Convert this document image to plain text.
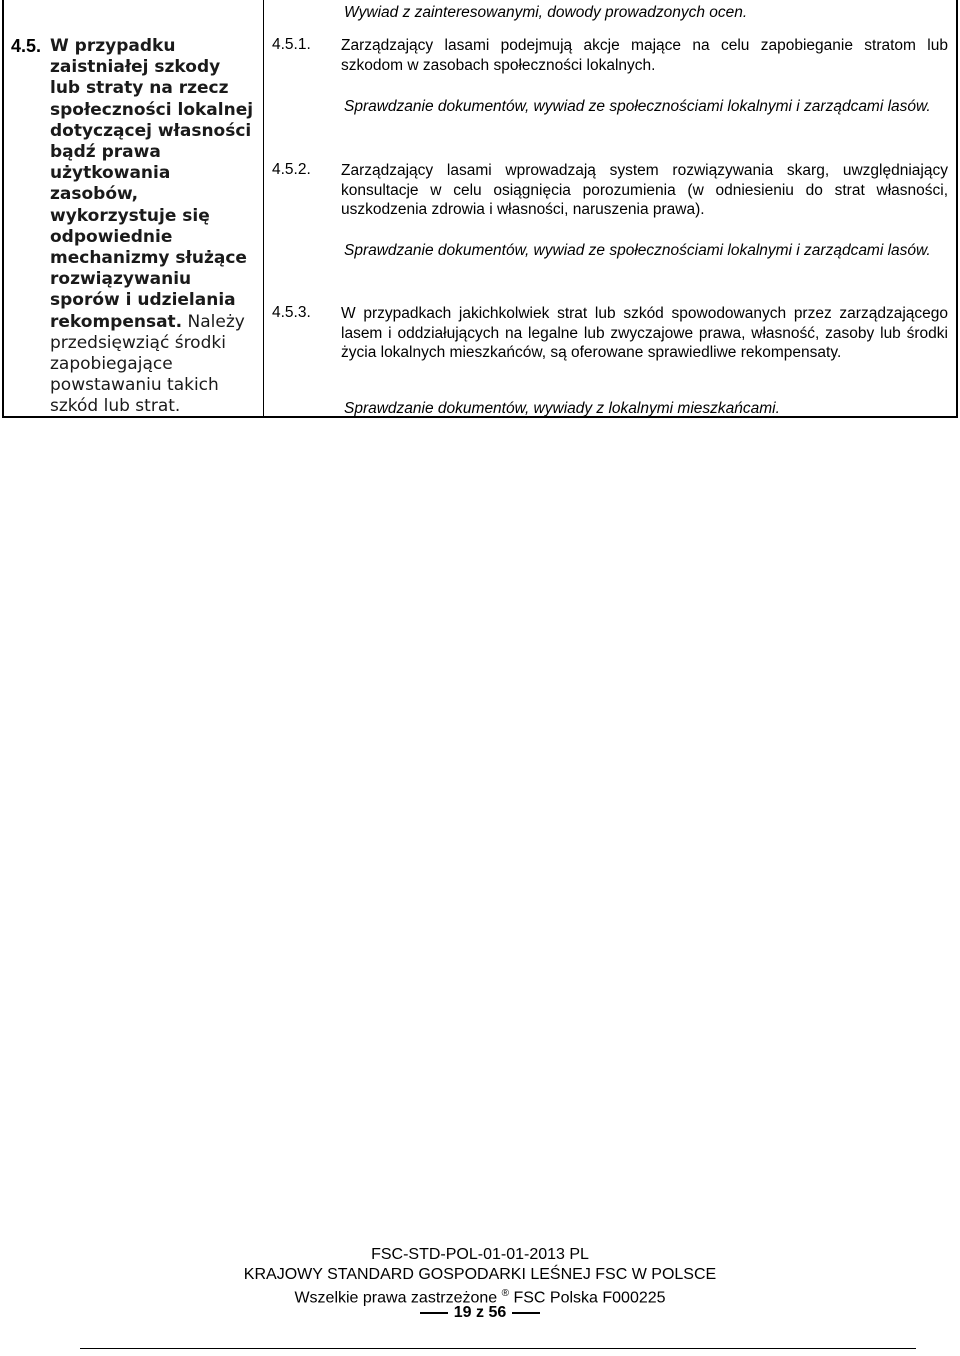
Wywiad z zainteresowanymi, dowody prowadzonych ocen.
4.5. W przypadku zaistniałej szkody lub straty na rzecz społeczności lokalnej dotyczącej własności bądź prawa użytkowania zasobów, wykorzystuje się odpowiednie mechanizmy służące rozwiązywaniu sporów i udzielania rekompensat. Należy przedsięwziąć środki zapobiegające powstawaniu takich szkód lub strat.
4.5.1. Zarządzający lasami podejmują akcje mające na celu zapobieganie stratom lub szkodom w zasobach społeczności lokalnych.
Sprawdzanie dokumentów, wywiad ze społecznościami lokalnymi i zarządcami lasów.
4.5.2. Zarządzający lasami wprowadzają system rozwiązywania skarg, uwzględniający konsultacje w celu osiągnięcia porozumienia (w odniesieniu do strat własności, uszkodzenia zdrowia i własności, naruszenia prawa).
Sprawdzanie dokumentów, wywiad ze społecznościami lokalnymi i zarządcami lasów.
4.5.3. W przypadkach jakichkolwiek strat lub szkód spowodowanych przez zarządzającego lasem i oddziałujących na legalne lub zwyczajowe prawa, własność, zasoby lub środki życia lokalnych mieszkańców, są oferowane sprawiedliwe rekompensaty.
Sprawdzanie dokumentów, wywiady z lokalnymi mieszkańcami.
FSC-STD-POL-01-01-2013 PL
KRAJOWY STANDARD GOSPODARKI LEŚNEJ FSC W POLSCE
Wszelkie prawa zastrzeżone ® FSC Polska F000225
19 z 56
